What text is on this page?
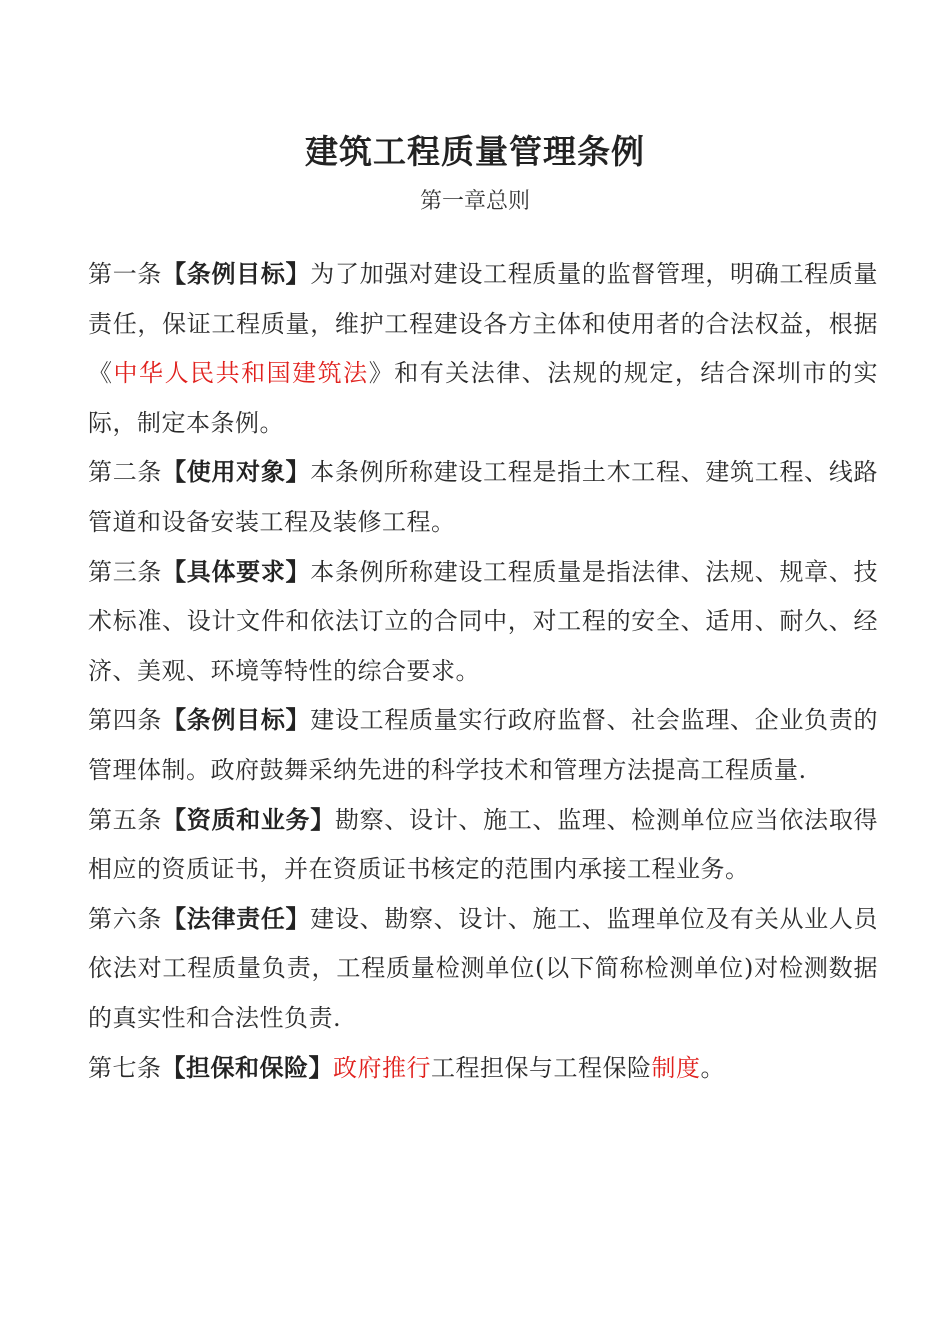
建筑工程质量管理条例
第一章总则

第一条【条例目标】为了加强对建设工程质量的监督管理，明确工程质量责任，保证工程质量，维护工程建设各方主体和使用者的合法权益，根据《中华人民共和国建筑法》和有关法律、法规的规定，结合深圳市的实际，制定本条例。

第二条【使用对象】本条例所称建设工程是指土木工程、建筑工程、线路管道和设备安装工程及装修工程。

第三条【具体要求】本条例所称建设工程质量是指法律、法规、规章、技术标准、设计文件和依法订立的合同中，对工程的安全、适用、耐久、经济、美观、环境等特性的综合要求。

第四条【条例目标】建设工程质量实行政府监督、社会监理、企业负责的管理体制。政府鼓舞采纳先进的科学技术和管理方法提高工程质量.

第五条【资质和业务】勘察、设计、施工、监理、检测单位应当依法取得相应的资质证书，并在资质证书核定的范围内承接工程业务。

第六条【法律责任】建设、勘察、设计、施工、监理单位及有关从业人员依法对工程质量负责，工程质量检测单位(以下简称检测单位)对检测数据的真实性和合法性负责.

第七条【担保和保险】政府推行工程担保与工程保险制度。
